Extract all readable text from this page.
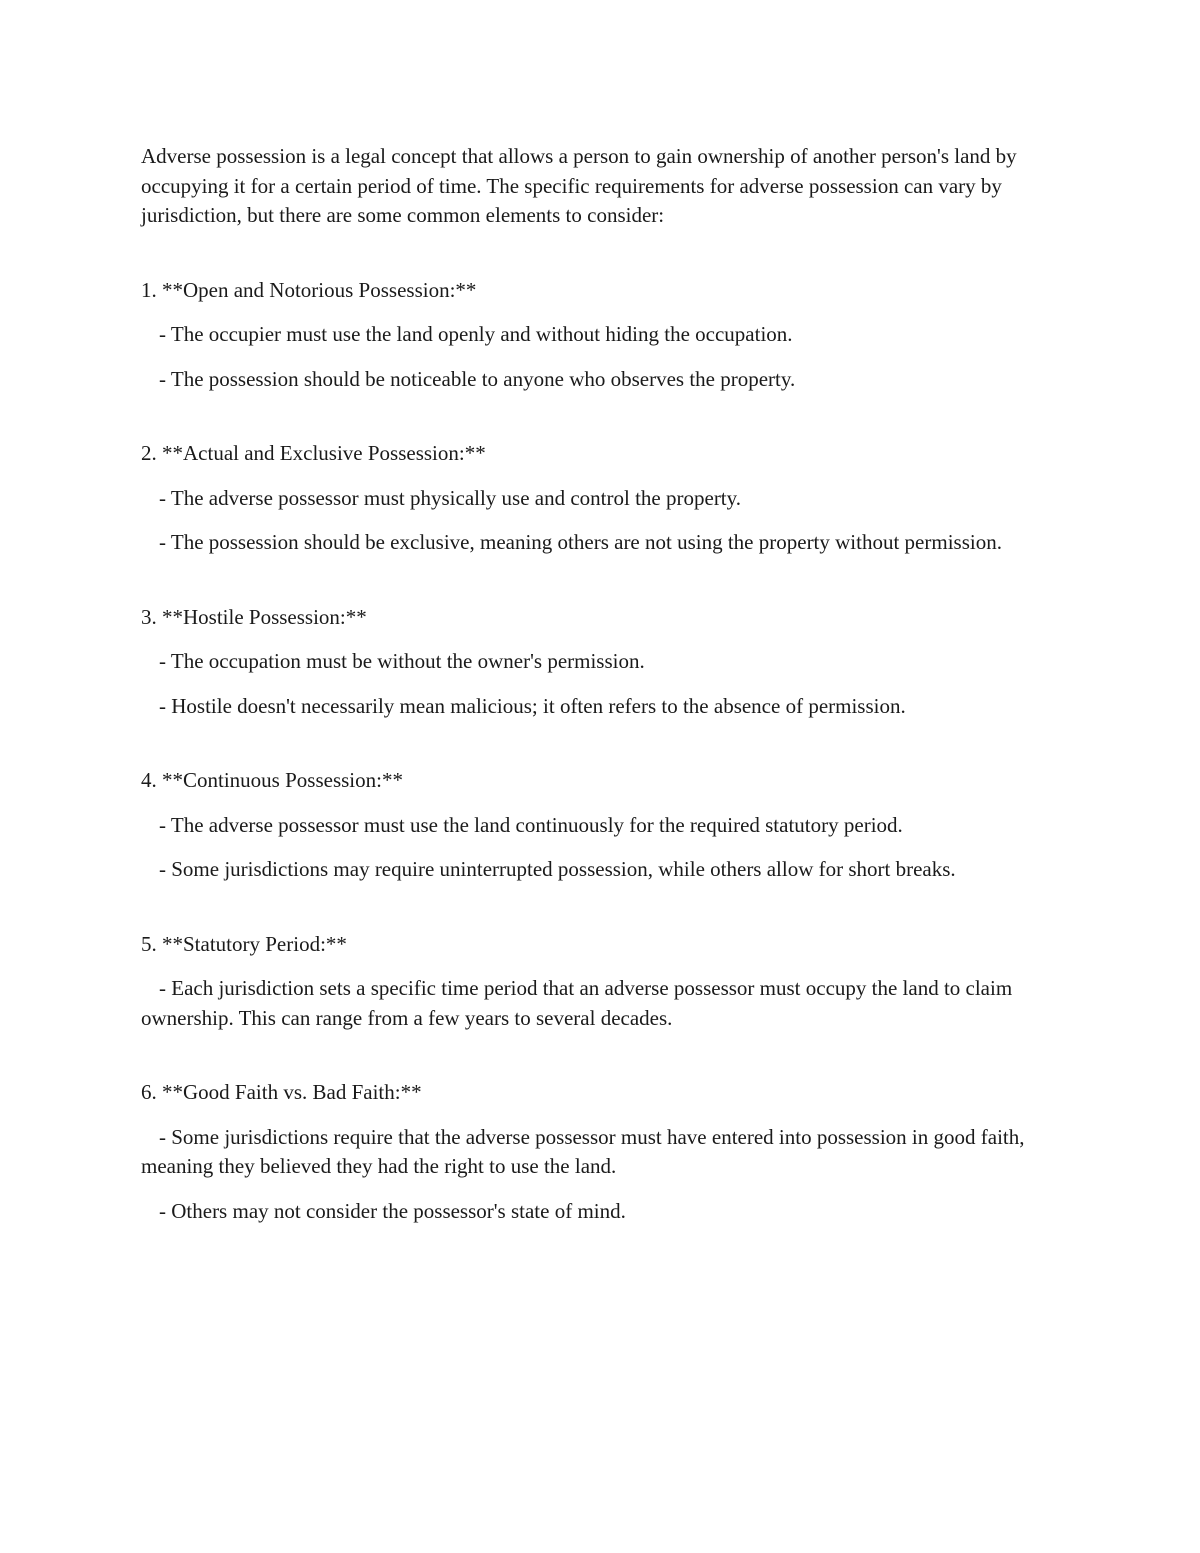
Adverse possession is a legal concept that allows a person to gain ownership of another person's land by occupying it for a certain period of time. The specific requirements for adverse possession can vary by jurisdiction, but there are some common elements to consider:

1. **Open and Notorious Possession:**

- The occupier must use the land openly and without hiding the occupation.

- The possession should be noticeable to anyone who observes the property.

2. **Actual and Exclusive Possession:**

- The adverse possessor must physically use and control the property.

- The possession should be exclusive, meaning others are not using the property without permission.

3. **Hostile Possession:**

- The occupation must be without the owner's permission.

- Hostile doesn't necessarily mean malicious; it often refers to the absence of permission.

4. **Continuous Possession:**

- The adverse possessor must use the land continuously for the required statutory period.

- Some jurisdictions may require uninterrupted possession, while others allow for short breaks.

5. **Statutory Period:**

- Each jurisdiction sets a specific time period that an adverse possessor must occupy the land to claim ownership. This can range from a few years to several decades.

6. **Good Faith vs. Bad Faith:**

- Some jurisdictions require that the adverse possessor must have entered into possession in good faith, meaning they believed they had the right to use the land.

- Others may not consider the possessor's state of mind.
